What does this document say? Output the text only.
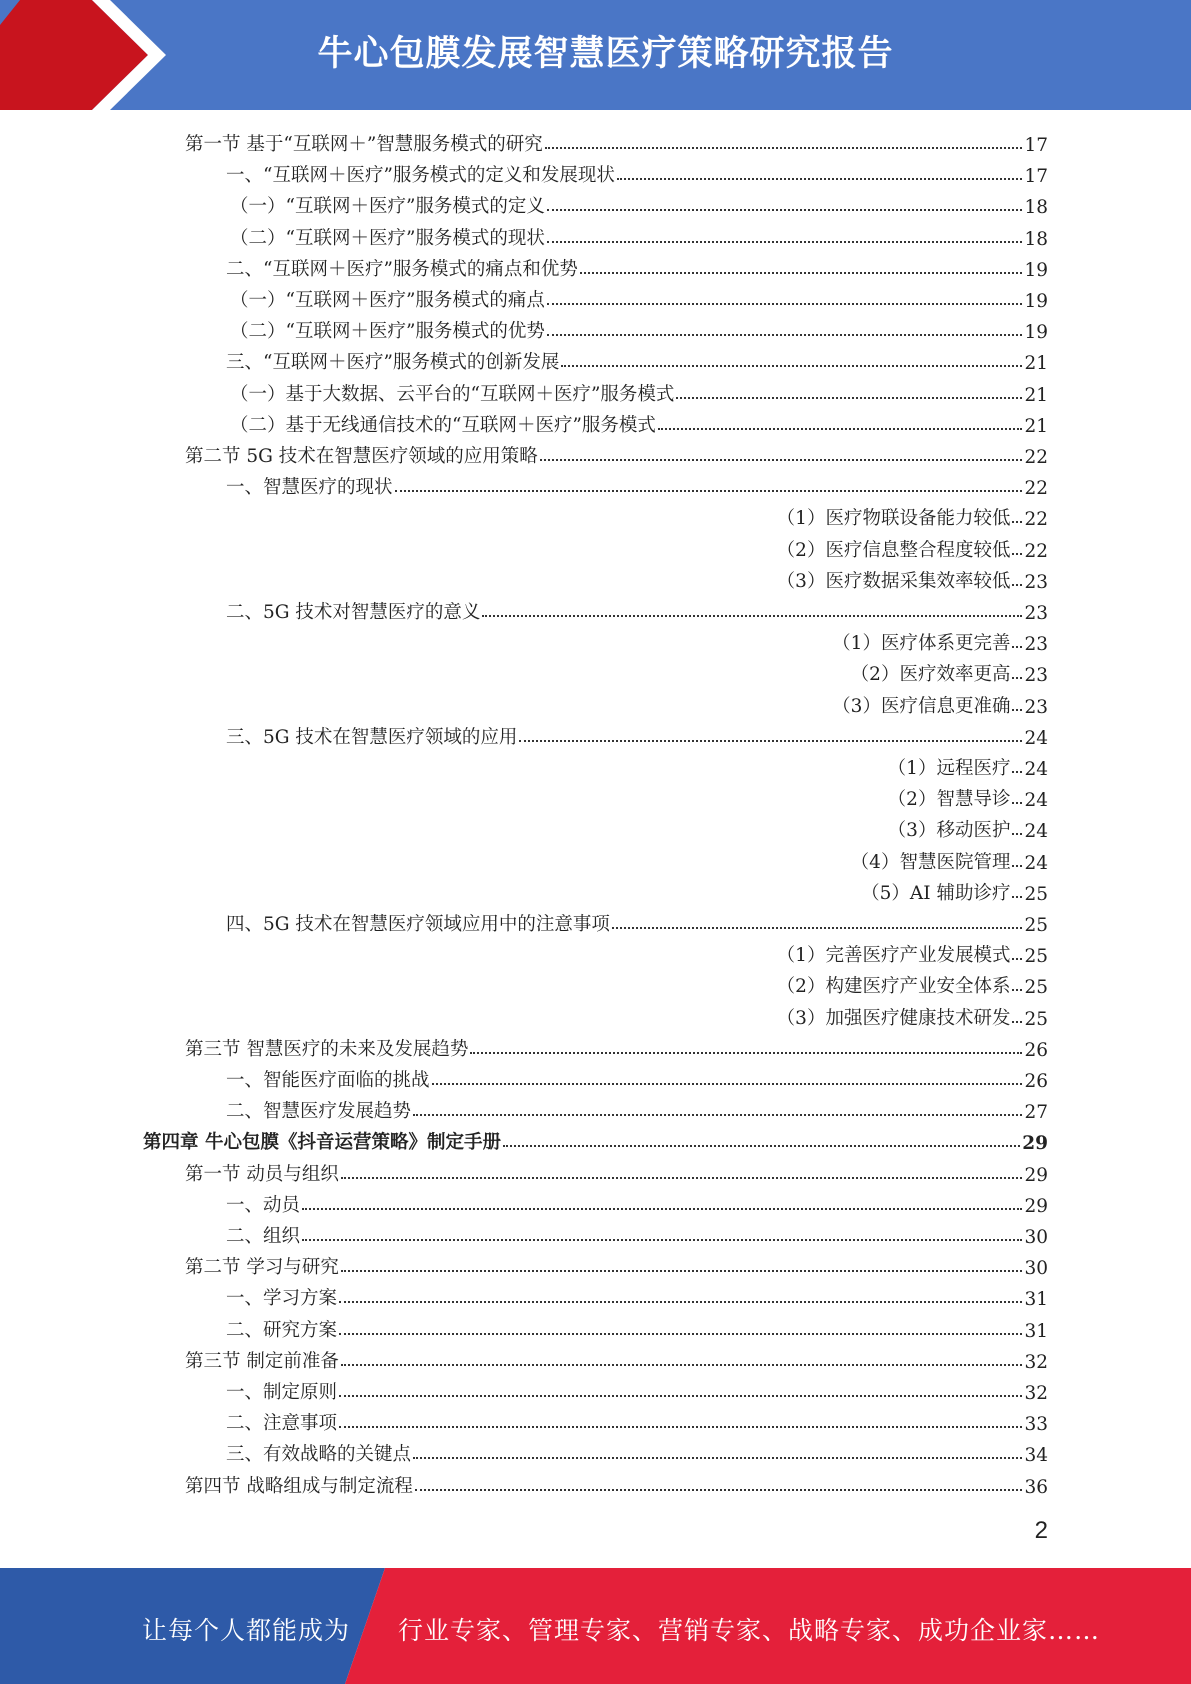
牛心包膜发展智慧医疗策略研究报告
第一节 基于“互联网＋”智慧服务模式的研究	17
一、“互联网＋医疗”服务模式的定义和发展现状	17
（一）“互联网＋医疗”服务模式的定义	18
（二）“互联网＋医疗”服务模式的现状	18
二、“互联网＋医疗”服务模式的痛点和优势	19
（一）“互联网＋医疗”服务模式的痛点	19
（二）“互联网＋医疗”服务模式的优势	19
三、“互联网＋医疗”服务模式的创新发展	21
（一）基于大数据、云平台的“互联网＋医疗”服务模式	21
（二）基于无线通信技术的“互联网＋医疗”服务模式	21
第二节 5G 技术在智慧医疗领域的应用策略	22
一、智慧医疗的现状	22
（1）医疗物联设备能力较低 22
（2）医疗信息整合程度较低 22
（3）医疗数据采集效率较低 23
二、5G 技术对智慧医疗的意义	23
（1）医疗体系更完善 23
（2）医疗效率更高 23
（3）医疗信息更准确 23
三、5G 技术在智慧医疗领域的应用	24
（1）远程医疗 24
（2）智慧导诊 24
（3）移动医护 24
（4）智慧医院管理 24
（5）AI 辅助诊疗 25
四、5G 技术在智慧医疗领域应用中的注意事项	25
（1）完善医疗产业发展模式 25
（2）构建医疗产业安全体系 25
（3）加强医疗健康技术研发 25
第三节 智慧医疗的未来及发展趋势	26
一、智能医疗面临的挑战	26
二、智慧医疗发展趋势	27
第四章 牛心包膜《抖音运营策略》制定手册	29
第一节 动员与组织	29
一、动员	29
二、组织	30
第二节 学习与研究	30
一、学习方案	31
二、研究方案	31
第三节 制定前准备	32
一、制定原则	32
二、注意事项	33
三、有效战略的关键点	34
第四节 战略组成与制定流程	36
2
让每个人都能成为 行业专家、管理专家、营销专家、战略专家、成功企业家……
